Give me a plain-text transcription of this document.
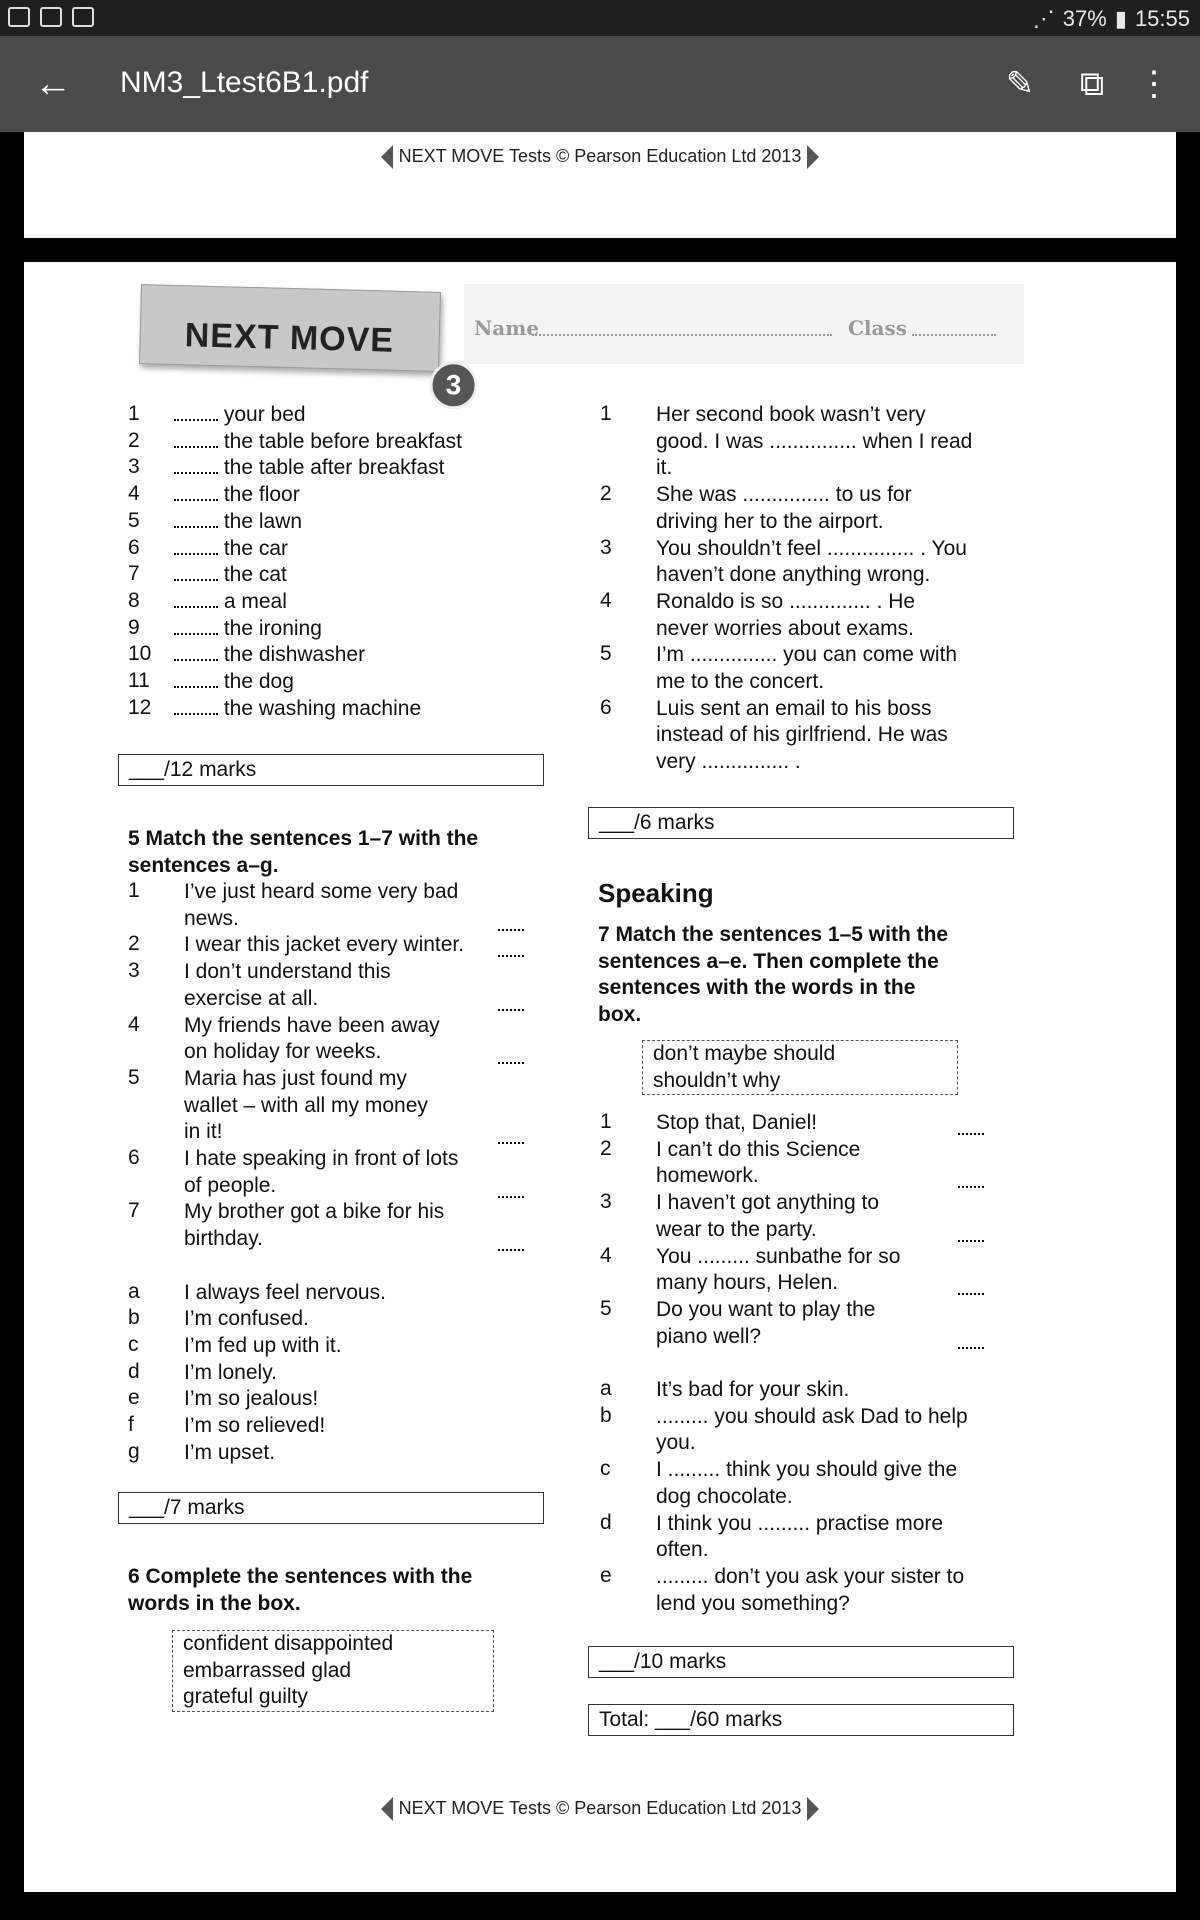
⋰ 37% ▮ 15:55
← NM3_Ltest6B1.pdf	✎ ⧉ ⋮
NEXT MOVE Tests © Pearson Education Ltd 2013
NEXT MOVE
3
Name	Class
NEXT MOVE Tests © Pearson Education Ltd 2013
1	your bed
2	the table before breakfast
3	the table after breakfast
4	the floor
5	the lawn
6	the car
7	the cat
8	a meal
9	the ironing
10	the dishwasher
11	the dog
12	the washing machine
___/12 marks
5 Match the sentences 1–7 with the
sentences a–g.
1 I’ve just heard some very bad
news.
2 I wear this jacket every winter.
3 I don’t understand this
exercise at all.
4 My friends have been away
on holiday for weeks.
5 Maria has just found my
wallet – with all my money
in it!
6 I hate speaking in front of lots
of people.
7 My brother got a bike for his
birthday.
a I always feel nervous.
b I’m confused.
c I’m fed up with it.
d I’m lonely.
e I’m so jealous!
f I’m so relieved!
g I’m upset.
___/7 marks
6 Complete the sentences with the
words in the box.
confident disappointed
embarrassed glad
grateful guilty
1 Her second book wasn’t very
good. I was ............... when I read
it.
2 She was ............... to us for
driving her to the airport.
3 You shouldn’t feel ............... . You
haven’t done anything wrong.
4 Ronaldo is so .............. . He
never worries about exams.
5 I’m ............... you can come with
me to the concert.
6 Luis sent an email to his boss
instead of his girlfriend. He was
very ............... .
___/6 marks
Speaking
7 Match the sentences 1–5 with the
sentences a–e. Then complete the
sentences with the words in the
box.
don’t maybe should
shouldn’t why
1 Stop that, Daniel!
2 I can’t do this Science
homework.
3 I haven’t got anything to
wear to the party.
4 You ......... sunbathe for so
many hours, Helen.
5 Do you want to play the
piano well?
a It’s bad for your skin.
b ......... you should ask Dad to help
you.
c I ......... think you should give the
dog chocolate.
d I think you ......... practise more
often.
e ......... don’t you ask your sister to
lend you something?
___/10 marks
Total: ___/60 marks
